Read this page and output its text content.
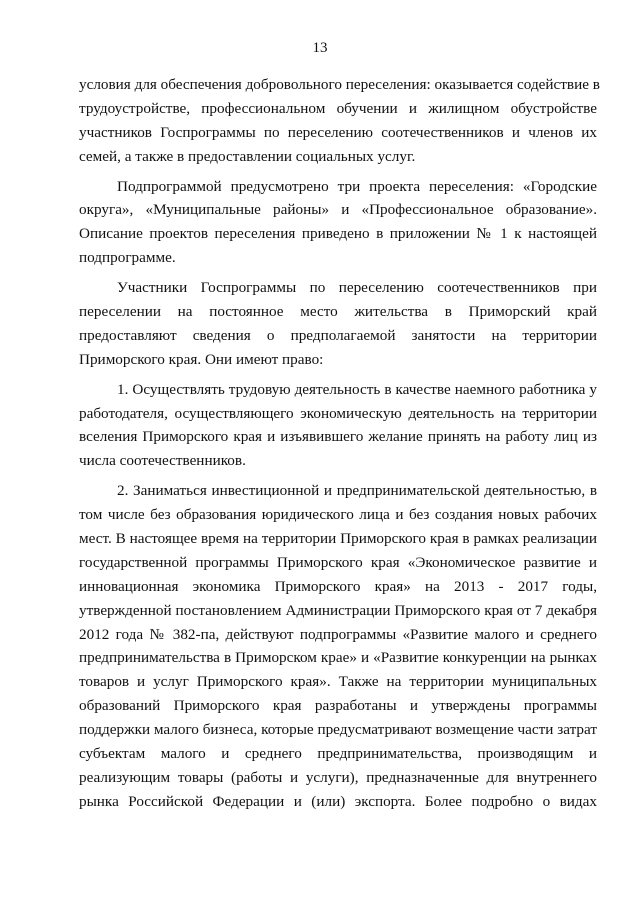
13
условия для обеспечения добровольного переселения: оказывается содействие в
трудоустройстве, профессиональном обучении и жилищном обустройстве
участников Госпрограммы по переселению соотечественников и членов их
семей, а также в предоставлении социальных услуг.
Подпрограммой предусмотрено три проекта переселения: «Городские
округа», «Муниципальные районы» и «Профессиональное образование».
Описание проектов переселения приведено в приложении № 1 к настоящей
подпрограмме.
Участники Госпрограммы по переселению соотечественников при
переселении на постоянное место жительства в Приморский край
предоставляют сведения о предполагаемой занятости на территории
Приморского края. Они имеют право:
1. Осуществлять трудовую деятельность в качестве наемного работника у
работодателя, осуществляющего экономическую деятельность на территории
вселения Приморского края и изъявившего желание принять на работу лиц из
числа соотечественников.
2. Заниматься инвестиционной и предпринимательской деятельностью, в
том числе без образования юридического лица и без создания новых рабочих
мест. В настоящее время на территории Приморского края в рамках реализации
государственной программы Приморского края «Экономическое развитие и
инновационная экономика Приморского края» на 2013 - 2017 годы,
утвержденной постановлением Администрации Приморского края от 7 декабря
2012 года № 382-па, действуют подпрограммы «Развитие малого и среднего
предпринимательства в Приморском крае» и «Развитие конкуренции на рынках
товаров и услуг Приморского края». Также на территории муниципальных
образований Приморского края разработаны и утверждены программы
поддержки малого бизнеса, которые предусматривают возмещение части затрат
субъектам малого и среднего предпринимательства, производящим и
реализующим товары (работы и услуги), предназначенные для внутреннего
рынка Российской Федерации и (или) экспорта. Более подробно о видах
